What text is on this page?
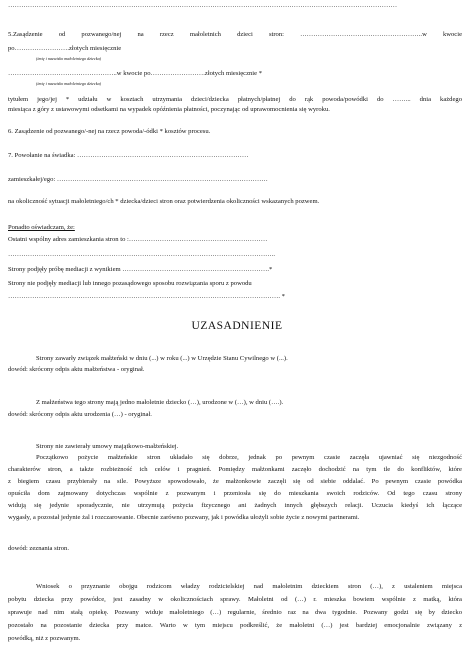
……………………………………………………………………………………………………………………………………………………………
5.Zasądzenie od pozwanego/nej na rzecz małoletnich dzieci stron: ………………………………………………..w kwocie
po…………………….złotych miesięcznie
(imię i nazwisko małoletniego dziecka)
…………………………………………..w kwocie po…………………….złotych miesięcznie *
(imię i nazwisko małoletniego dziecka)
tytułem jego/jej * udziału w kosztach utrzymania dzieci/dziecka płatnych/płatnej do rąk powoda/powódki do ……... dnia każdego
miesiąca z góry z ustawowymi odsetkami na wypadek opóźnienia płatności, poczynając od uprawomocnienia się wyroku.
6. Zasądzenie od pozwanego/-nej na rzecz powoda/-ódki * kosztów procesu.
7. Powołanie na świadka: ……………………………………………………………………
zamieszkałej/ego: ……………………………………………………………………………………
na okoliczność sytuacji małoletniego/ch * dziecka/dzieci stron oraz potwierdzenia okoliczności wskazanych pozwem.
Ponadto oświadczam, że:
Ostatni wspólny adres zamieszkania stron to :………………………………………………………
…………………………………………………………………………………………………………..
Strony podjęły próbę mediacji z wynikiem ………………………………………………………….*
Strony nie podjęły mediacji lub innego pozasądowego sposobu rozwiązania sporu z powodu
……………………………………………………………………………………………………………. *
UZASADNIENIE
Strony zawarły związek małżeński w dniu (...) w roku (...) w Urzędzie Stanu Cywilnego w (...).
dowód: skrócony odpis aktu małżeństwa - oryginał.
Z małżeństwa tego strony mają jedno małoletnie dziecko (…), urodzone w (…), w dniu (….).
dowód: skrócony odpis aktu urodzenia (…) - oryginał.
Strony nie zawierały umowy majątkowo-małżeńskiej.
Początkowo pożycie małżeńskie stron układało się dobrze, jednak po pewnym czasie zaczęła ujawniać się niezgodność
charakterów stron, a także rozbieżność ich celów i pragnień. Pomiędzy małżonkami zaczęło dochodzić na tym tle do konfliktów, które
z biegiem czasu przybierały na sile. Powyższe spowodowało, że małżonkowie zaczęli się od siebie oddalać. Po pewnym czasie powódka
opuściła dom zajmowany dotychczas wspólnie z pozwanym i przeniosła się do mieszkania swoich rodziców. Od tego czasu strony
widują się jedynie sporadycznie, nie utrzymują pożycia fizycznego ani żadnych innych głębszych relacji. Uczucia kiedyś ich łączące
wygasły, a pozostał jedynie żal i rozczarowanie. Obecnie zarówno pozwany, jak i powódka ułożyli sobie życie z nowymi partnerami.
dowód: zeznania stron.
Wniosek o przyznanie obojgu rodzicom władzy rodzicielskiej nad małoletnim dzieckiem stron (…), z ustaleniem miejsca
pobytu dziecka przy powódce, jest zasadny w okolicznościach sprawy. Małoletni od (…) r. mieszka bowiem wspólnie z matką, która
sprawuje nad nim stałą opiekę. Pozwany widuje małoletniego (…) regularnie, średnio raz na dwa tygodnie. Pozwany godzi się by dziecko
pozostało na pozostanie dziecka przy matce. Warto w tym miejscu podkreślić, że małoletni (…) jest bardziej emocjonalnie związany z
powódką, niż z pozwanym.
